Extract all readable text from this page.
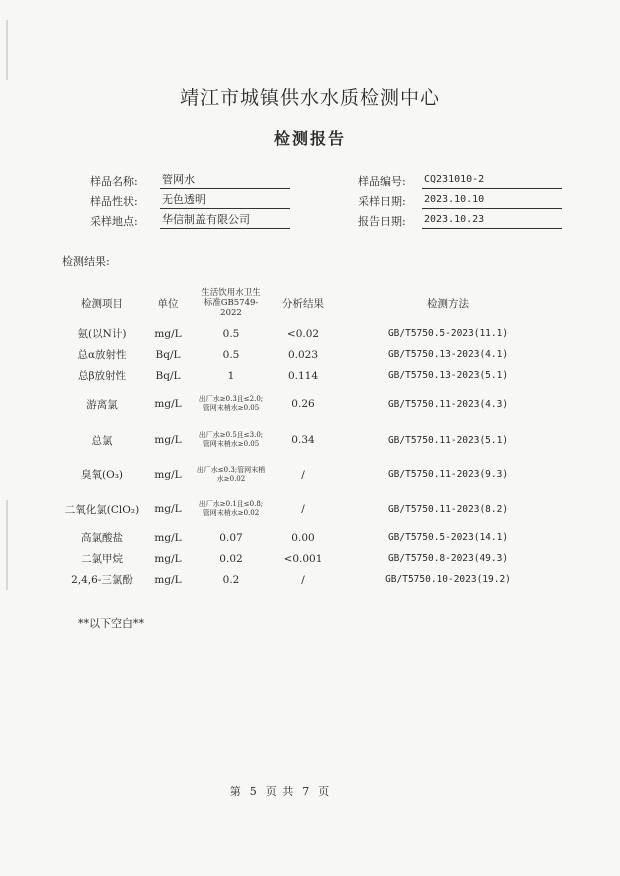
靖江市城镇供水水质检测中心
检测报告
样品名称: 管网水	样品编号: CQ231010-2
样品性状: 无色透明	采样日期: 2023.10.10
采样地点: 华信制盖有限公司	报告日期: 2023.10.23
检测结果:
检测项目	单位	生活饮用水卫生标准GB5749-2022	分析结果	检测方法
氨(以N计)	mg/L	0.5	<0.02	GB/T5750.5-2023(11.1)
总α放射性	Bq/L	0.5	0.023	GB/T5750.13-2023(4.1)
总β放射性	Bq/L	1	0.114	GB/T5750.13-2023(5.1)
游离氯	mg/L	出厂水≥0.3且≤2.0;管网末梢水≥0.05	0.26	GB/T5750.11-2023(4.3)
总氯	mg/L	出厂水≥0.5且≤3.0;管网末梢水≥0.05	0.34	GB/T5750.11-2023(5.1)
臭氧(O₃)	mg/L	出厂水≤0.3;管网末梢水≥0.02	/	GB/T5750.11-2023(9.3)
二氧化氯(ClO₂)	mg/L	出厂水≥0.1且≤0.8;管网末梢水≥0.02	/	GB/T5750.11-2023(8.2)
高氯酸盐	mg/L	0.07	0.00	GB/T5750.5-2023(14.1)
二氯甲烷	mg/L	0.02	<0.001	GB/T5750.8-2023(49.3)
2,4,6-三氯酚	mg/L	0.2	/	GB/T5750.10-2023(19.2)
**以下空白**
第 5 页 共 7 页
